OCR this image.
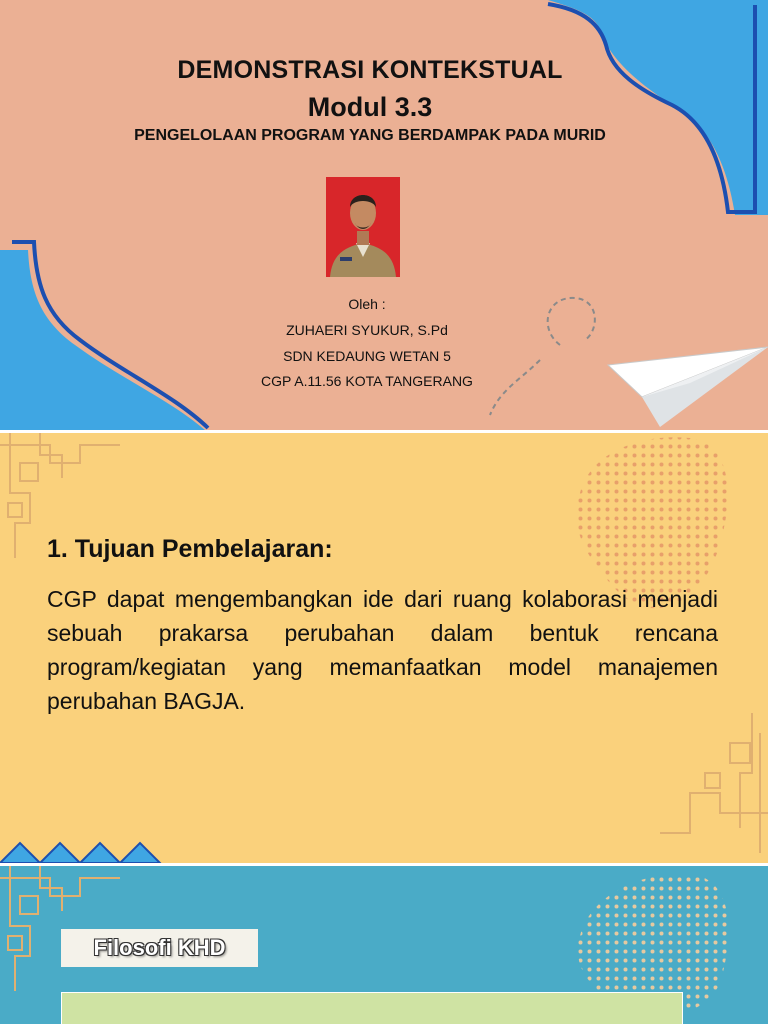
DEMONSTRASI KONTEKSTUAL
Modul 3.3
PENGELOLAAN PROGRAM YANG BERDAMPAK PADA MURID
Oleh :
ZUHAERI SYUKUR, S.Pd
SDN KEDAUNG WETAN 5
CGP A.11.56 KOTA TANGERANG
1. Tujuan Pembelajaran:
CGP dapat mengembangkan ide dari ruang kolaborasi menjadi sebuah prakarsa perubahan dalam bentuk rencana program/kegiatan yang memanfaatkan model manajemen perubahan BAGJA.
Filosofi KHD
